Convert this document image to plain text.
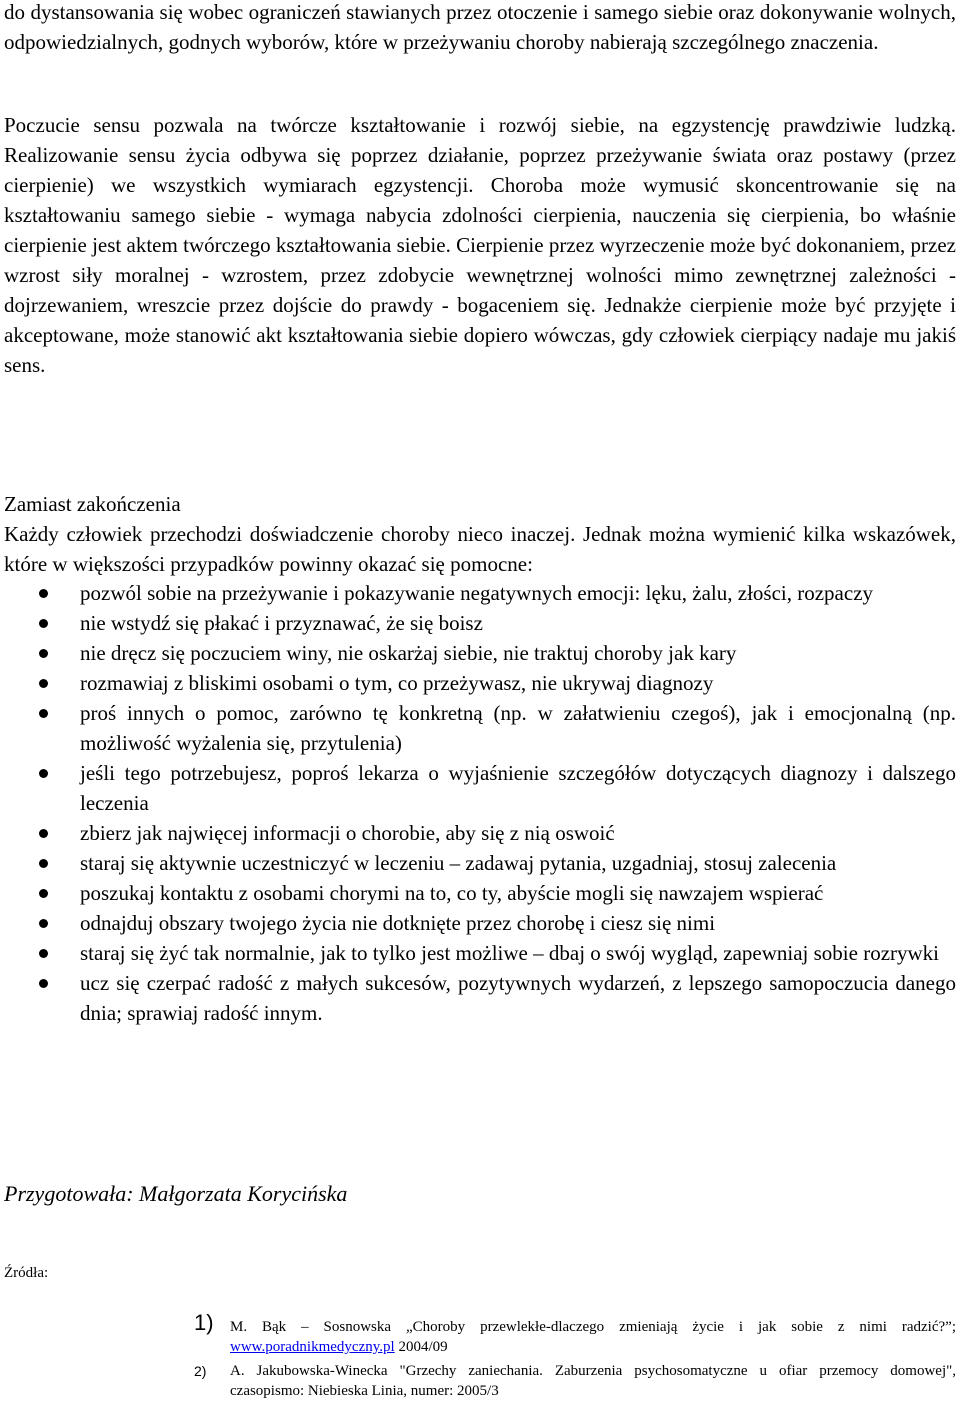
do dystansowania się wobec ograniczeń stawianych przez otoczenie i samego siebie oraz dokonywanie wolnych, odpowiedzialnych, godnych wyborów, które w przeżywaniu choroby nabierają szczególnego znaczenia.

Poczucie sensu pozwala na twórcze kształtowanie i rozwój siebie, na egzystencję prawdziwie ludzką. Realizowanie sensu życia odbywa się poprzez działanie, poprzez przeżywanie świata oraz postawy (przez cierpienie) we wszystkich wymiarach egzystencji. Choroba może wymusić skoncentrowanie się na kształtowaniu samego siebie - wymaga nabycia zdolności cierpienia, nauczenia się cierpienia, bo właśnie cierpienie jest aktem twórczego kształtowania siebie. Cierpienie przez wyrzeczenie może być dokonaniem, przez wzrost siły moralnej - wzrostem, przez zdobycie wewnętrznej wolności mimo zewnętrznej zależności - dojrzewaniem, wreszcie przez dojście do prawdy - bogaceniem się. Jednakże cierpienie może być przyjęte i akceptowane, może stanowić akt kształtowania siebie dopiero wówczas, gdy człowiek cierpiący nadaje mu jakiś sens.

Zamiast zakończenia

Każdy człowiek przechodzi doświadczenie choroby nieco inaczej. Jednak można wymienić kilka wskazówek, które w większości przypadków powinny okazać się pomocne:

pozwól sobie na przeżywanie i pokazywanie negatywnych emocji: lęku, żalu, złości, rozpaczy
nie wstydź się płakać i przyznawać, że się boisz
nie dręcz się poczuciem winy, nie oskarżaj siebie, nie traktuj choroby jak kary
rozmawiaj z bliskimi osobami o tym, co przeżywasz, nie ukrywaj diagnozy
proś innych o pomoc, zarówno tę konkretną (np. w załatwieniu czegoś), jak i emocjonalną (np. możliwość wyżalenia się, przytulenia)
jeśli tego potrzebujesz, poproś lekarza o wyjaśnienie szczegółów dotyczących diagnozy i dalszego leczenia
zbierz jak najwięcej informacji o chorobie, aby się z nią oswoić
staraj się aktywnie uczestniczyć w leczeniu – zadawaj pytania, uzgadniaj, stosuj zalecenia
poszukaj kontaktu z osobami chorymi na to, co ty, abyście mogli się nawzajem wspierać
odnajduj obszary twojego życia nie dotknięte przez chorobę i ciesz się nimi
staraj się żyć tak normalnie, jak to tylko jest możliwe – dbaj o swój wygląd, zapewniaj sobie rozrywki
ucz się czerpać radość z małych sukcesów, pozytywnych wydarzeń, z lepszego samopoczucia danego dnia; sprawiaj radość innym.

Przygotowała: Małgorzata Korycińska

Źródła:

1) M. Bąk – Sosnowska „Choroby przewlekłe-dlaczego zmieniają życie i jak sobie z nimi radzić?”; www.poradnikmedyczny.pl 2004/09
2) A. Jakubowska-Winecka "Grzechy zaniechania. Zaburzenia psychosomatyczne u ofiar przemocy domowej", czasopismo: Niebieska Linia, numer: 2005/3
